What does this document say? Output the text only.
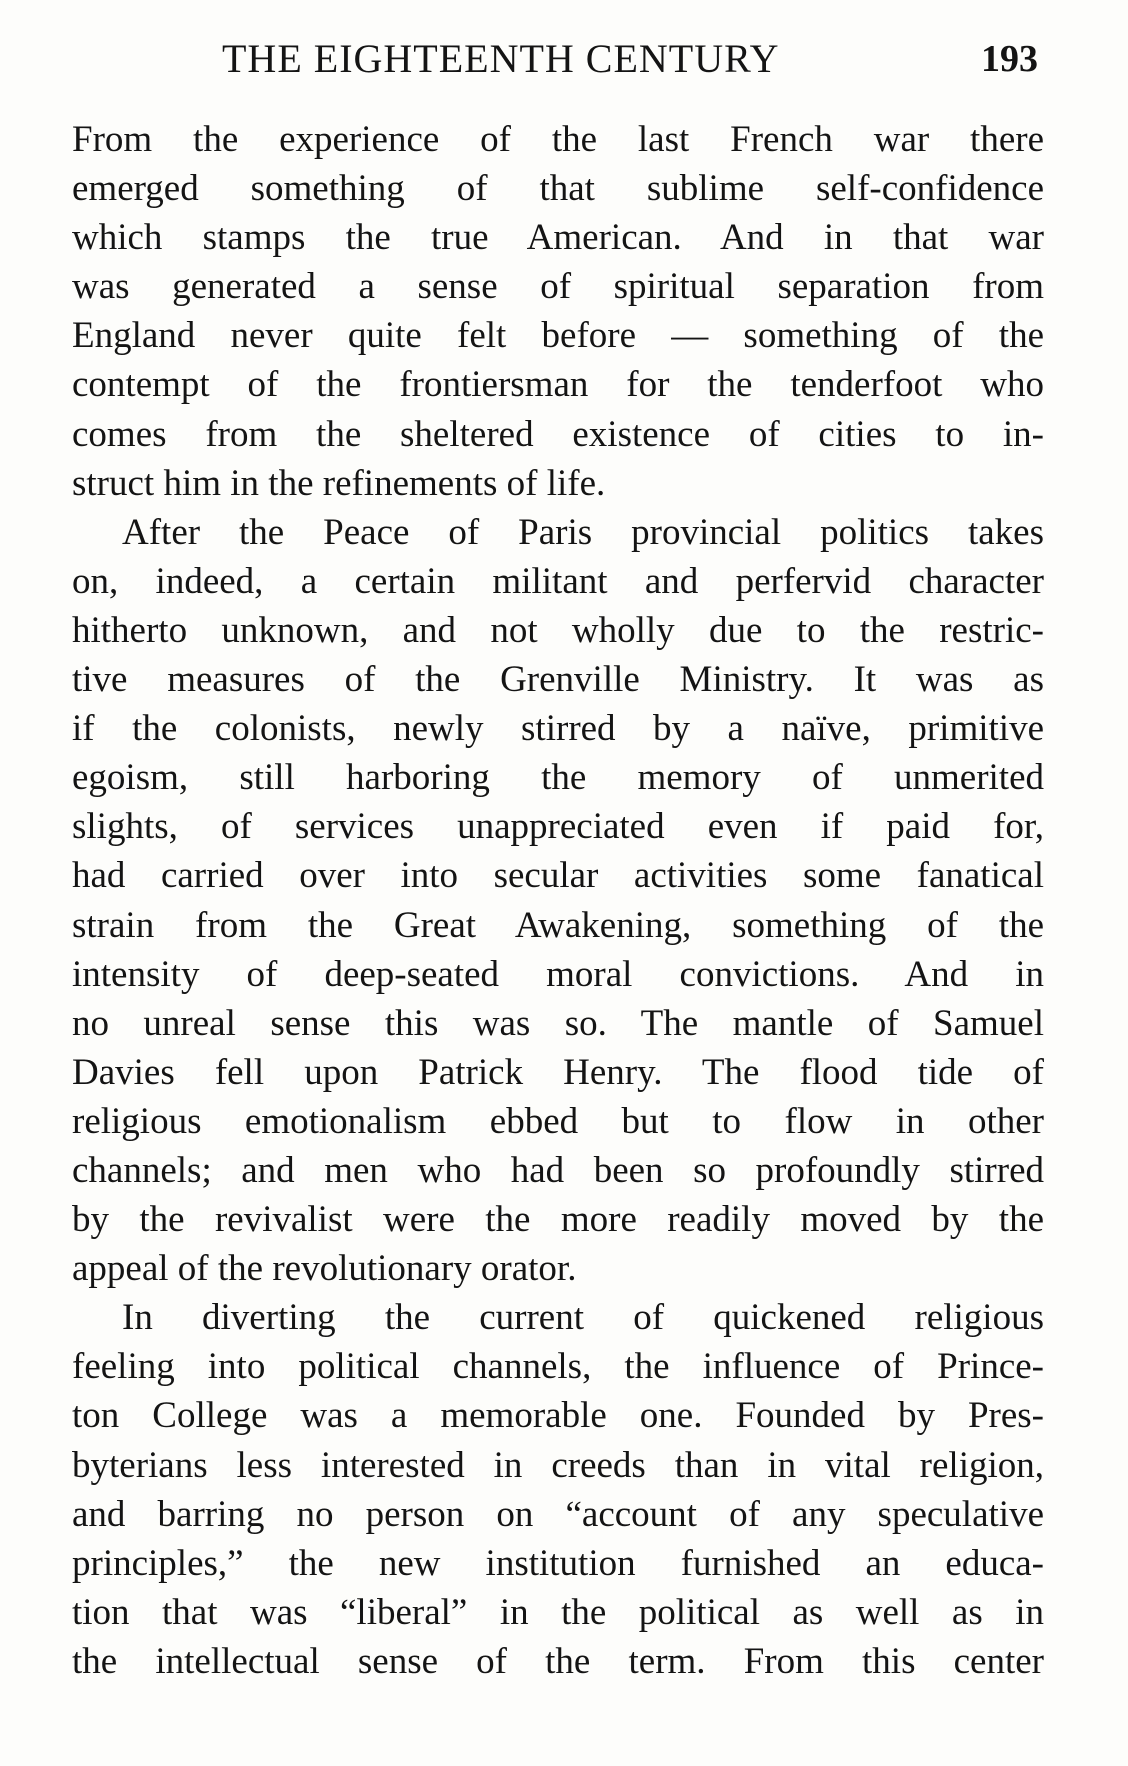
THE EIGHTEENTH CENTURY	193
From the experience of the last French war there
emerged something of that sublime self-confidence
which stamps the true American. And in that war
was generated a sense of spiritual separation from
England never quite felt before — something of the
contempt of the frontiersman for the tenderfoot who
comes from the sheltered existence of cities to in-
struct him in the refinements of life.
After the Peace of Paris provincial politics takes
on, indeed, a certain militant and perfervid character
hitherto unknown, and not wholly due to the restric-
tive measures of the Grenville Ministry. It was as
if the colonists, newly stirred by a naïve, primitive
egoism, still harboring the memory of unmerited
slights, of services unappreciated even if paid for,
had carried over into secular activities some fanatical
strain from the Great Awakening, something of the
intensity of deep-seated moral convictions. And in
no unreal sense this was so. The mantle of Samuel
Davies fell upon Patrick Henry. The flood tide of
religious emotionalism ebbed but to flow in other
channels; and men who had been so profoundly stirred
by the revivalist were the more readily moved by the
appeal of the revolutionary orator.
In diverting the current of quickened religious
feeling into political channels, the influence of Prince-
ton College was a memorable one. Founded by Pres-
byterians less interested in creeds than in vital religion,
and barring no person on “account of any speculative
principles,” the new institution furnished an educa-
tion that was “liberal” in the political as well as in
the intellectual sense of the term. From this center
